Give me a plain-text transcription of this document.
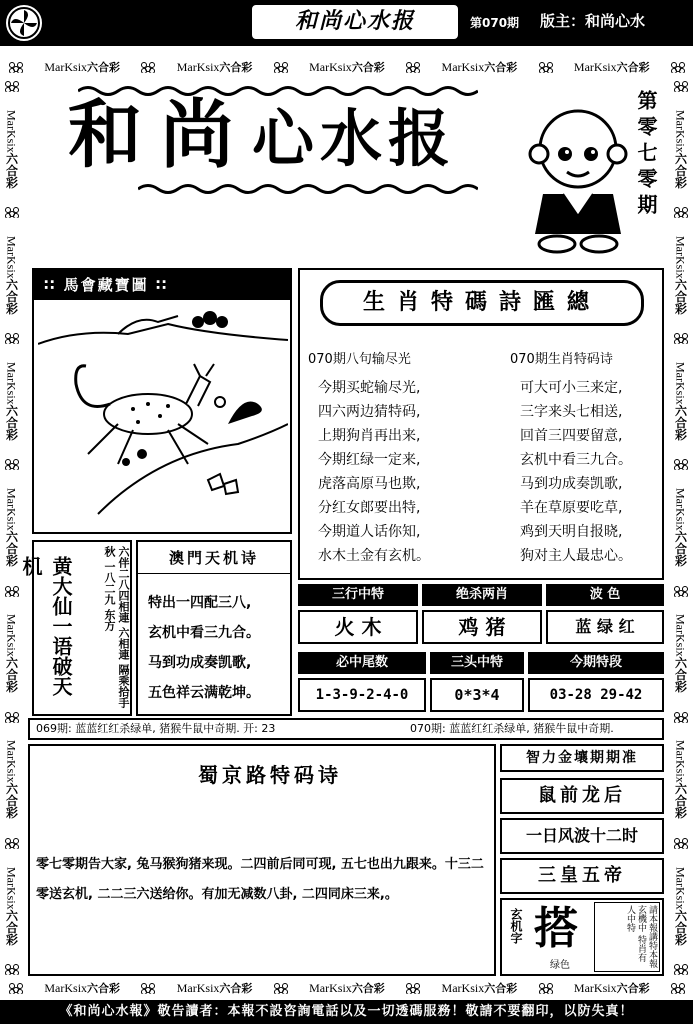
和尚心水报	第070期 版主：和尚心水
MarKsix六合彩	MarKsix六合彩	MarKsix六合彩	MarKsix六合彩	MarKsix六合彩
MarKsix六合彩	MarKsix六合彩	MarKsix六合彩	MarKsix六合彩	MarKsix六合彩
MarKsix六合彩
MarKsix六合彩
MarKsix六合彩
MarKsix六合彩
MarKsix六合彩
MarKsix六合彩
MarKsix六合彩
MarKsix六合彩
MarKsix六合彩
MarKsix六合彩
MarKsix六合彩
MarKsix六合彩
MarKsix六合彩
MarKsix六合彩
和尚心水报	第零七零期
∷ 馬會藏寶圖 ∷
生肖特碼詩匯總
070期八句输尽光
今期买蛇输尽光,
四六两边猜特码,
上期狗肖再出来,
今期红绿一定来,
虎落高原马也欺,
分红女郎要出特,
今期道人话你知,
水木土金有玄机。
070期生肖特码诗
可大可小三来定,
三字来头七相送,
回首三四要留意,
玄机中看三九合。
马到功成奏凯歌,
羊在草原要吃草,
鸡到天明自报晓,
狗对主人最忠心。
黄大仙一语破天机	六伴二八四相連 六相連 隔乘拾手秋 一八二九 东方	澳門天机诗
特出一四配三八,
玄机中看三九合。
马到功成奏凯歌,
五色祥云满乾坤。
三行中特	绝杀两肖	波 色
火 木	鸡 猪	蓝 绿 红
必中尾数	三头中特	今期特段
1-3-9-2-4-0	0*3*4	03-28 29-42
069期: 蓝蓝红红杀绿单, 猪猴牛鼠中奇期. 开: 23	070期: 蓝蓝红红杀绿单, 猪猴牛鼠中奇期.
蜀京路特码诗
零七零期告大家, 兔马猴狗猪来现。二四前后同可现, 五七也出九跟来。十三二零送玄机, 二二三六送给你。有加无减数八卦, 二四同床三来,。
智力金壤期期准
鼠前龙后
一日风波十二时
三皇五帝
玄机字 搭
绿色	請本報講特本報玄機中 特肖有人中特
《和尚心水報》敬告讀者：本報不設咨詢電話以及一切透碼服務！敬請不要翻印，以防失真！
